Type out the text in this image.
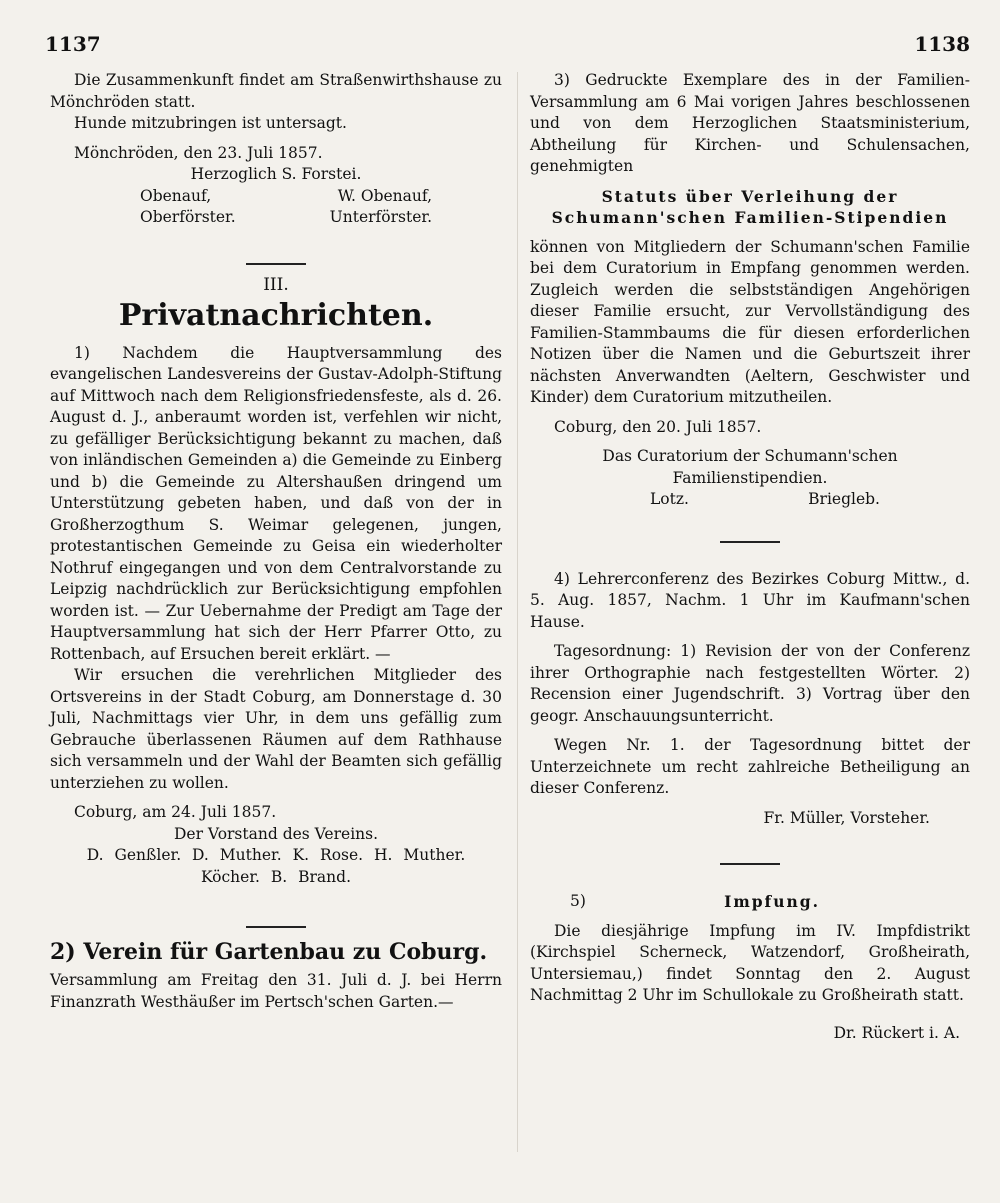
1137	1138

Die Zusammenkunft findet am Straßenwirthshause zu Mönchröden statt.

Hunde mitzubringen ist untersagt.

Mönchröden, den 23. Juli 1857.

Herzoglich S. Forstei.

Obenauf,	W. Obenauf,
Oberförster.	Unterförster.
III.
Privatnachrichten.

1) Nachdem die Hauptversammlung des evangelischen Landesvereins der Gustav-Adolph-Stiftung auf Mittwoch nach dem Religionsfriedensfeste, als d. 26. August d. J., anberaumt worden ist, verfehlen wir nicht, zu gefälliger Berücksichtigung bekannt zu machen, daß von inländischen Gemeinden a) die Gemeinde zu Einberg und b) die Gemeinde zu Altershaußen dringend um Unterstützung gebeten haben, und daß von der in Großherzogthum S. Weimar gelegenen, jungen, protestantischen Gemeinde zu Geisa ein wiederholter Nothruf eingegangen und von dem Centralvorstande zu Leipzig nachdrücklich zur Berücksichtigung empfohlen worden ist. — Zur Uebernahme der Predigt am Tage der Hauptversammlung hat sich der Herr Pfarrer Otto, zu Rottenbach, auf Ersuchen bereit erklärt. —

Wir ersuchen die verehrlichen Mitglieder des Ortsvereins in der Stadt Coburg, am Donnerstage d. 30 Juli, Nachmittags vier Uhr, in dem uns gefällig zum Gebrauche überlassenen Räumen auf dem Rathhause sich versammeln und der Wahl der Beamten sich gefällig unterziehen zu wollen.

Coburg, am 24. Juli 1857.

Der Vorstand des Vereins.

D. Genßler. D. Muther. K. Rose. H. Muther.

Köcher. B. Brand.

2) Verein für Gartenbau zu Coburg.

Versammlung am Freitag den 31. Juli d. J. bei Herrn Finanzrath Westhäußer im Pertsch'schen Garten.—

3) Gedruckte Exemplare des in der Familien-Versammlung am 6 Mai vorigen Jahres beschlossenen und von dem Herzoglichen Staatsministerium, Abtheilung für Kirchen- und Schulensachen, genehmigten

Statuts über Verleihung der Schumann'schen Familien-Stipendien

können von Mitgliedern der Schumann'schen Familie bei dem Curatorium in Empfang genommen werden. Zugleich werden die selbstständigen Angehörigen dieser Familie ersucht, zur Vervollständigung des Familien-Stammbaums die für diesen erforderlichen Notizen über die Namen und die Geburtszeit ihrer nächsten Anverwandten (Aeltern, Geschwister und Kinder) dem Curatorium mitzutheilen.

Coburg, den 20. Juli 1857.

Das Curatorium der Schumann'schen Familienstipendien.

Lotz.	Briegleb.

4) Lehrerconferenz des Bezirkes Coburg Mittw., d. 5. Aug. 1857, Nachm. 1 Uhr im Kaufmann'schen Hause.

Tagesordnung: 1) Revision der von der Conferenz ihrer Orthographie nach festgestellten Wörter. 2) Recension einer Jugendschrift. 3) Vortrag über den geogr. Anschauungsunterricht.

Wegen Nr. 1. der Tagesordnung bittet der Unterzeichnete um recht zahlreiche Betheiligung an dieser Conferenz.

Fr. Müller, Vorsteher.

5)	Impfung.

Die diesjährige Impfung im IV. Impfdistrikt (Kirchspiel Scherneck, Watzendorf, Großheirath, Untersiemau,) findet Sonntag den 2. August Nachmittag 2 Uhr im Schullokale zu Großheirath statt.

Dr. Rückert i. A.
